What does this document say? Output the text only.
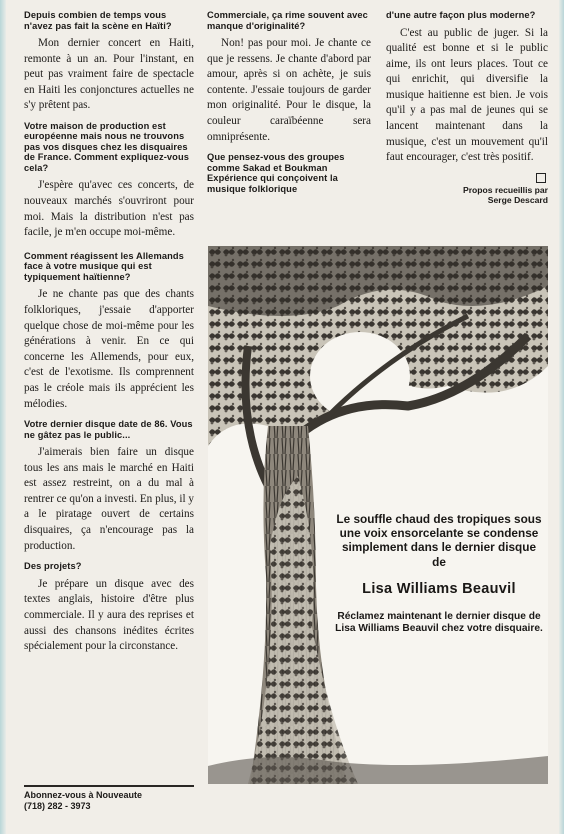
Depuis combien de temps vous n'avez pas fait la scène en Haïti?

Mon dernier concert en Haiti, remonte à un an. Pour l'instant, en peut pas vraiment faire de spectacle en Haiti les conjonctures actuelles ne s'y prêtent pas.

Votre maison de production est européenne mais nous ne trouvons pas vos disques chez les disquaires de France. Comment expliquez-vous cela?

J'espère qu'avec ces concerts, de nouveaux marchés s'ouvriront pour moi. Mais la distribution n'est pas facile, je m'en occupe moi-même.

Comment réagissent les Allemands face à votre musique qui est typiquement haïtienne?

Je ne chante pas que des chants folkloriques, j'essaie d'apporter quelque chose de moi-même pour les générations à venir. En ce qui concerne les Allemends, pour eux, c'est de l'exotisme. Ils comprennent pas le créole mais ils apprécient les mélodies.

Votre dernier disque date de 86. Vous ne gâtez pas le public...

J'aimerais bien faire un disque tous les ans mais le marché en Haiti est assez restreint, on a du mal à rentrer ce qu'on a investi. En plus, il y a le piratage ouvert de certains disquaires, ça n'encourage pas la production.

Des projets?

Je prépare un disque avec des textes anglais, histoire d'être plus commerciale. Il y aura des reprises et aussi des chansons inédites écrites spécialement pour la circonstance.

Commerciale, ça rime souvent avec manque d'originalité?

Non! pas pour moi. Je chante ce que je ressens. Je chante d'abord par amour, après si on achète, je suis contente. J'essaie toujours de garder mon originalité. Pour le disque, la couleur caraïbéenne sera omniprésente.

Que pensez-vous des groupes comme Sakad et Boukman Expérience qui conçoivent la musique folklorique

d'une autre façon plus moderne?

C'est au public de juger. Si la qualité est bonne et si le public aime, ils ont leurs places. Tout ce qui enrichit, qui diversifie la musique haitienne est bien. Je vois qu'il y a pas mal de jeunes qui se lancent maintenant dans la musique, c'est un mouvement qu'il faut encourager, c'est très positif.

Propos recueillis par
Serge Descard

Le souffle chaud des tropiques sous une voix ensorcelante se condense simplement dans le dernier disque de

Lisa Williams Beauvil

Réclamez maintenant le dernier disque de Lisa Williams Beauvil chez votre disquaire.

Abonnez-vous à Nouveaute
(718) 282 - 3973
